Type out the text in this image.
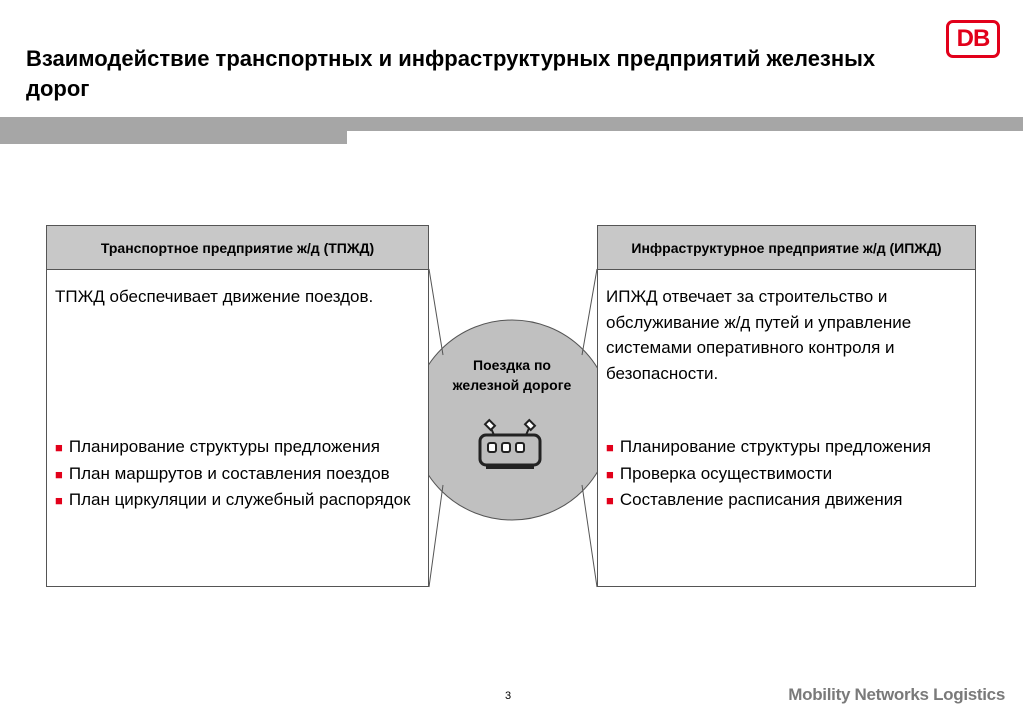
Взаимодействие транспортных и инфраструктурных предприятий железных дорог
DB
Поездка по железной дороге
Транспортное предприятие ж/д (ТПЖД)
ТПЖД обеспечивает движение поездов.
■ Планирование структуры предложения
■ План маршрутов и составления поездов
■ План циркуляции и служебный распорядок
Инфраструктурное предприятие ж/д (ИПЖД)
ИПЖД отвечает за строительство и обслуживание ж/д путей и управление системами оперативного контроля и безопасности.
■ Планирование структуры предложения
■ Проверка осуществимости
■ Составление расписания движения
3	Mobility Networks Logistics
